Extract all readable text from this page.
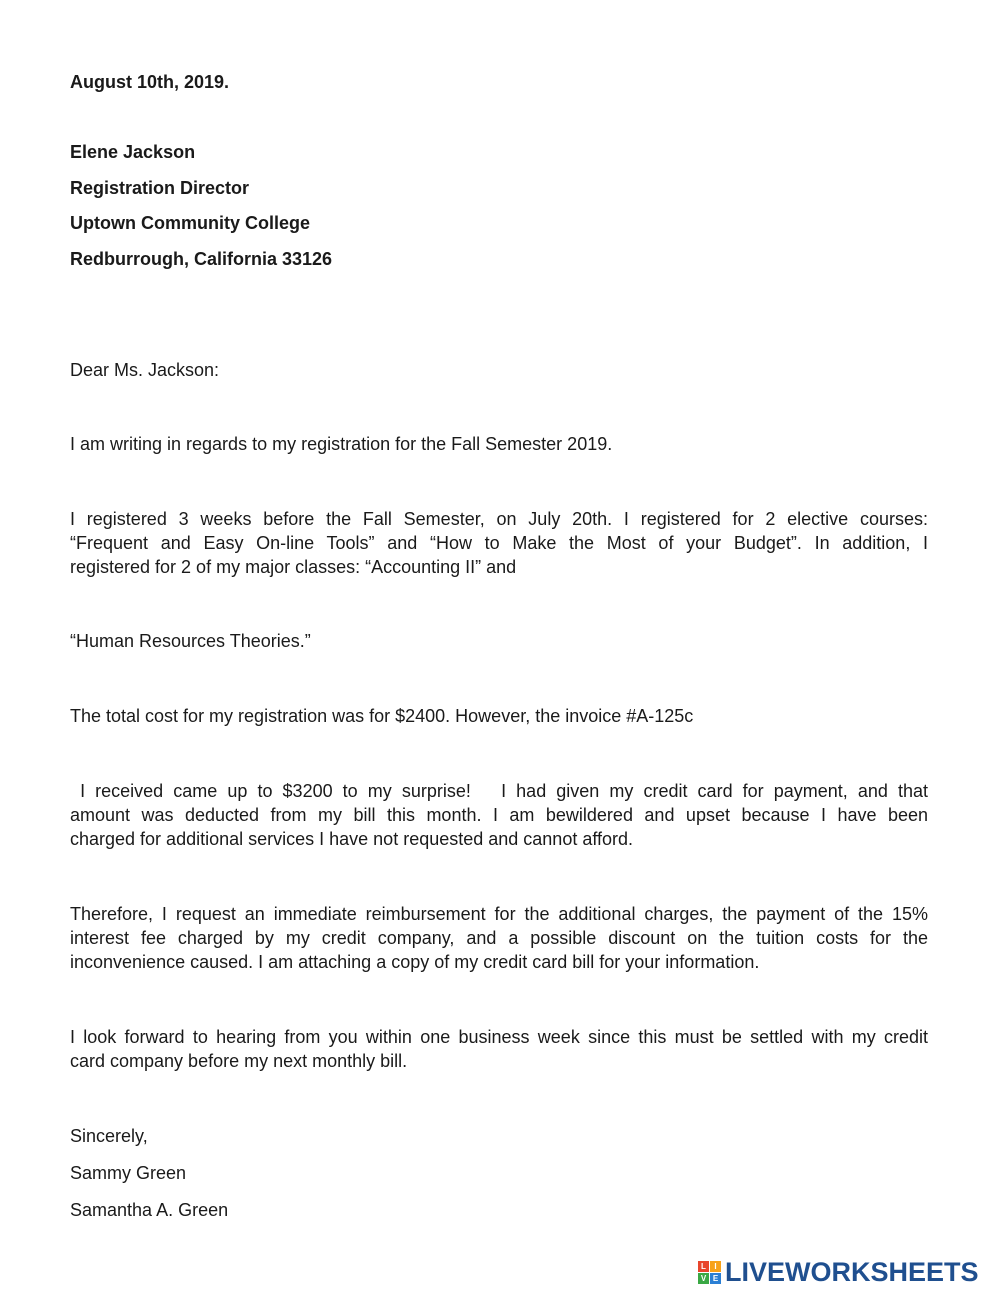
August 10th, 2019.
Elene Jackson
Registration Director
Uptown Community College
Redburrough, California 33126
Dear Ms. Jackson:
I am writing in regards to my registration for the Fall Semester 2019.
I registered 3 weeks before the Fall Semester, on July 20th. I registered for 2 elective courses:
“Frequent and Easy On-line Tools” and “How to Make the Most of your Budget”. In addition, I
registered for 2 of my major classes: “Accounting II” and
“Human Resources Theories.”
The total cost for my registration was for $2400. However, the invoice #A-125c
I received came up to $3200 to my surprise!   I had given my credit card for payment, and that
amount was deducted from my bill this month. I am bewildered and upset because I have been
charged for additional services I have not requested and cannot afford.
Therefore, I request an immediate reimbursement for the additional charges, the payment of the 15%
interest fee charged by my credit company, and a possible discount on the tuition costs for the
inconvenience caused. I am attaching a copy of my credit card bill for your information.
I look forward to hearing from you within one business week since this must be settled with my credit
card company before my next monthly bill.
Sincerely,
Sammy Green
Samantha A. Green
L	I
V E LIVEWORKSHEETS
